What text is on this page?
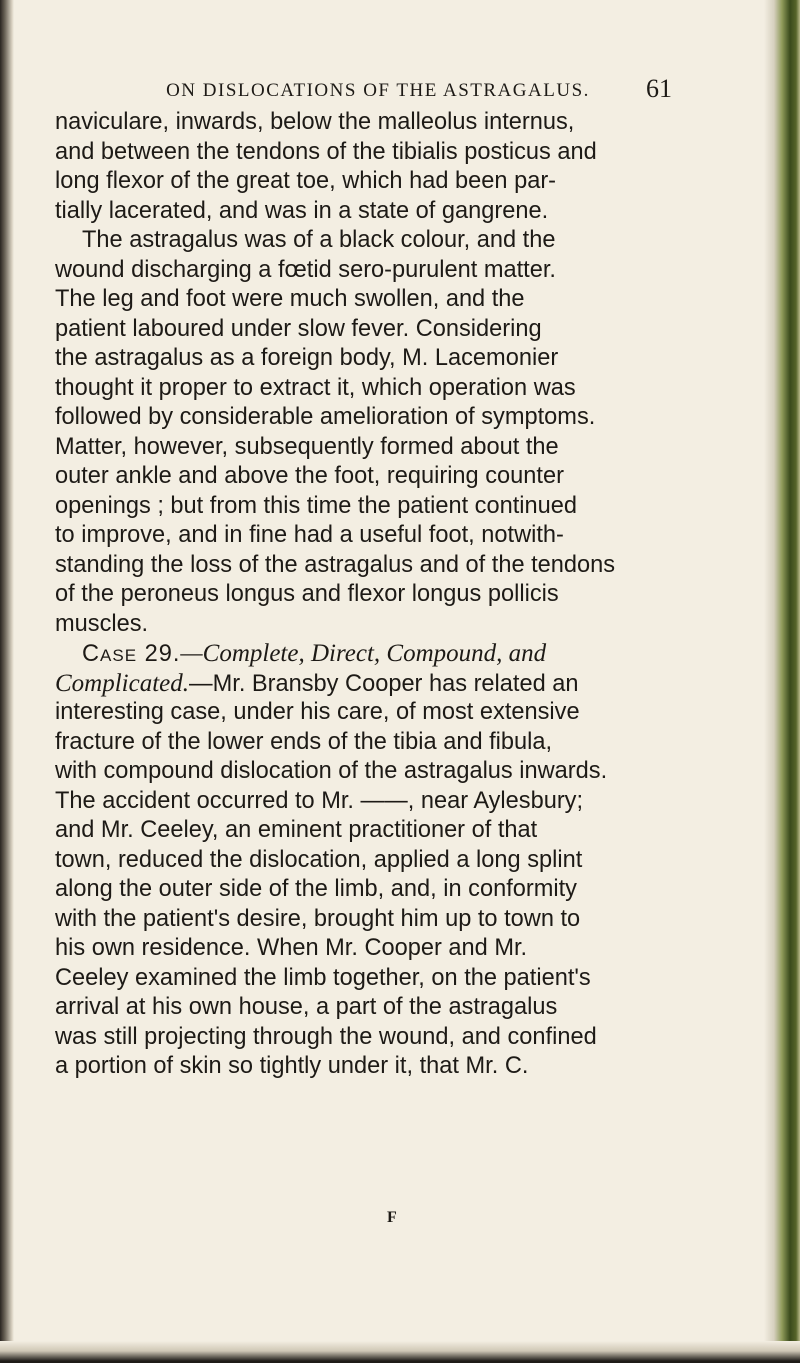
ON DISLOCATIONS OF THE ASTRAGALUS.	61
naviculare, inwards, below the malleolus internus,
and between the tendons of the tibialis posticus and
long flexor of the great toe, which had been par-
tially lacerated, and was in a state of gangrene.
The astragalus was of a black colour, and the
wound discharging a fœtid sero-purulent matter.
The leg and foot were much swollen, and the
patient laboured under slow fever. Considering
the astragalus as a foreign body, M. Lacemonier
thought it proper to extract it, which operation was
followed by considerable amelioration of symptoms.
Matter, however, subsequently formed about the
outer ankle and above the foot, requiring counter
openings ; but from this time the patient continued
to improve, and in fine had a useful foot, notwith-
standing the loss of the astragalus and of the tendons
of the peroneus longus and flexor longus pollicis
muscles.
Case 29.—Complete, Direct, Compound, and
Complicated.—Mr. Bransby Cooper has related an
interesting case, under his care, of most extensive
fracture of the lower ends of the tibia and fibula,
with compound dislocation of the astragalus inwards.
The accident occurred to Mr. ——, near Aylesbury;
and Mr. Ceeley, an eminent practitioner of that
town, reduced the dislocation, applied a long splint
along the outer side of the limb, and, in conformity
with the patient's desire, brought him up to town to
his own residence. When Mr. Cooper and Mr.
Ceeley examined the limb together, on the patient's
arrival at his own house, a part of the astragalus
was still projecting through the wound, and confined
a portion of skin so tightly under it, that Mr. C.
F
